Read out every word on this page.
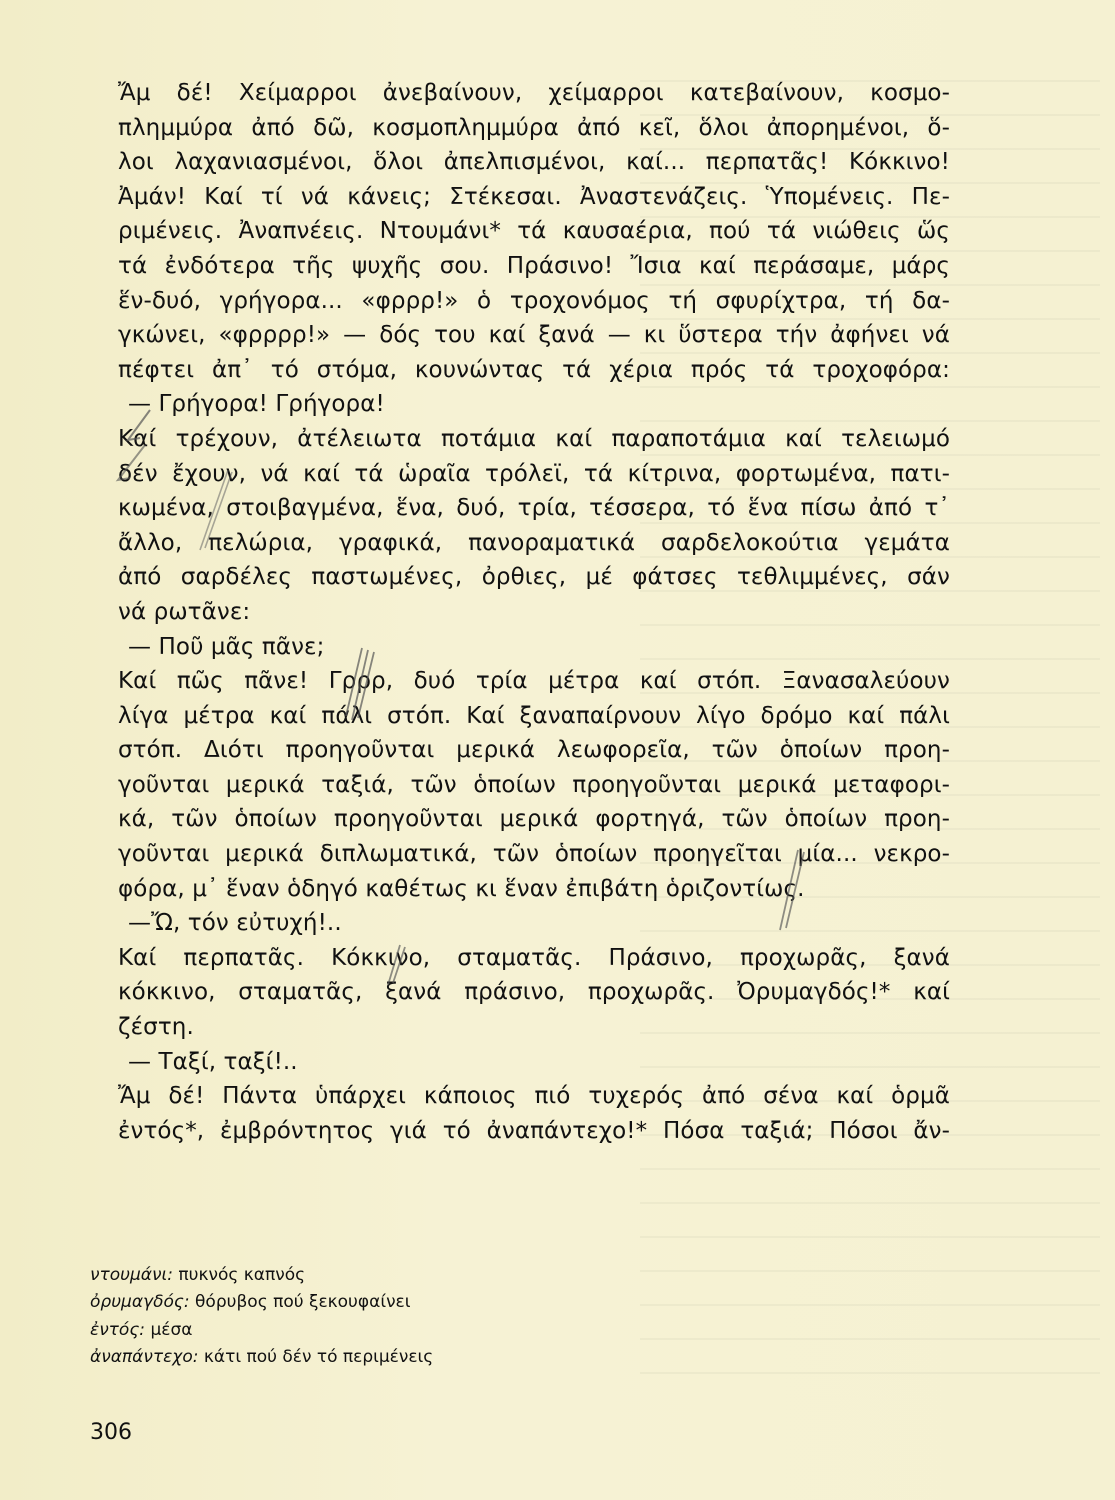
Ἄμ δέ! Χείμαρροι ἀνεβαίνουν, χείμαρροι κατεβαίνουν, κοσμο-
πλημμύρα ἀπό δῶ, κοσμοπλημμύρα ἀπό κεῖ, ὅλοι ἀπορημένοι, ὅ-
λοι λαχανιασμένοι, ὅλοι ἀπελπισμένοι, καί... περπατᾶς! Κόκκινο!
Ἀμάν! Καί τί νά κάνεις; Στέκεσαι. Ἀναστενάζεις. Ὑπομένεις. Πε-
ριμένεις. Ἀναπνέεις. Ντουμάνι* τά καυσαέρια, πού τά νιώθεις ὥς
τά ἐνδότερα τῆς ψυχῆς σου. Πράσινο! Ἴσια καί περάσαμε, μάρς
ἕν-δυό, γρήγορα... «φρρρ!» ὁ τροχονόμος τή σφυρίχτρα, τή δα-
γκώνει, «φρρρρ!» — δός του καί ξανά — κι ὕστερα τήν ἀφήνει νά
πέφτει ἀπ᾿ τό στόμα, κουνώντας τά χέρια πρός τά τροχοφόρα:
— Γρήγορα! Γρήγορα!
Καί τρέχουν, ἀτέλειωτα ποτάμια καί παραποτάμια καί τελειωμό
δέν ἔχουν, νά καί τά ὡραῖα τρόλεϊ, τά κίτρινα, φορτωμένα, πατι-
κωμένα, στοιβαγμένα, ἕνα, δυό, τρία, τέσσερα, τό ἕνα πίσω ἀπό τ᾿
ἄλλο, πελώρια, γραφικά, πανοραματικά σαρδελοκούτια γεμάτα
ἀπό σαρδέλες παστωμένες, ὀρθιες, μέ φάτσες τεθλιμμένες, σάν
νά ρωτᾶνε:
— Ποῦ μᾶς πᾶνε;
Καί πῶς πᾶνε! Γρρρ, δυό τρία μέτρα καί στόπ. Ξανασαλεύουν
λίγα μέτρα καί πάλι στόπ. Καί ξαναπαίρνουν λίγο δρόμο καί πάλι
στόπ. Διότι προηγοῦνται μερικά λεωφορεῖα, τῶν ὁποίων προη-
γοῦνται μερικά ταξιά, τῶν ὁποίων προηγοῦνται μερικά μεταφορι-
κά, τῶν ὁποίων προηγοῦνται μερικά φορτηγά, τῶν ὁποίων προη-
γοῦνται μερικά διπλωματικά, τῶν ὁποίων προηγεῖται μία... νεκρο-
φόρα, μ᾿ ἕναν ὁδηγό καθέτως κι ἕναν ἐπιβάτη ὁριζοντίως.
—Ὤ, τόν εὐτυχή!..
Καί περπατᾶς. Κόκκινο, σταματᾶς. Πράσινο, προχωρᾶς, ξανά
κόκκινο, σταματᾶς, ξανά πράσινο, προχωρᾶς. Ὀρυμαγδός!* καί
ζέστη.
— Ταξί, ταξί!..
Ἄμ δέ! Πάντα ὑπάρχει κάποιος πιό τυχερός ἀπό σένα καί ὁρμᾶ
ἐντός*, ἐμβρόντητος γιά τό ἀναπάντεχο!* Πόσα ταξιά; Πόσοι ἄν-
ντουμάνι: πυκνός καπνός
ὀρυμαγδός: θόρυβος πού ξεκουφαίνει
ἐντός: μέσα
ἀναπάντεχο: κάτι πού δέν τό περιμένεις
306
